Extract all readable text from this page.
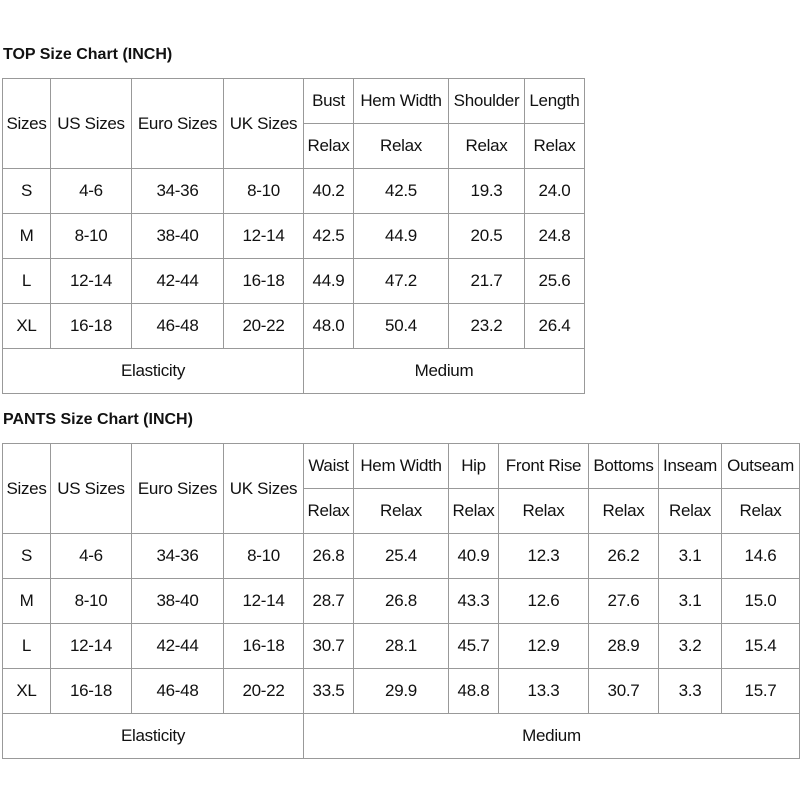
TOP Size Chart (INCH)
Sizes	US Sizes	Euro Sizes	UK Sizes	Bust	Hem Width	Shoulder	Length
				Relax	Relax	Relax	Relax
S	4-6	34-36	8-10	40.2	42.5	19.3	24.0
M	8-10	38-40	12-14	42.5	44.9	20.5	24.8
L	12-14	42-44	16-18	44.9	47.2	21.7	25.6
XL	16-18	46-48	20-22	48.0	50.4	23.2	26.4
Elasticity				Medium			
PANTS Size Chart (INCH)
Sizes	US Sizes	Euro Sizes	UK Sizes	Waist	Hem Width	Hip	Front Rise	Bottoms	Inseam	Outseam
				Relax	Relax	Relax	Relax	Relax	Relax	Relax
S	4-6	34-36	8-10	26.8	25.4	40.9	12.3	26.2	3.1	14.6
M	8-10	38-40	12-14	28.7	26.8	43.3	12.6	27.6	3.1	15.0
L	12-14	42-44	16-18	30.7	28.1	45.7	12.9	28.9	3.2	15.4
XL	16-18	46-48	20-22	33.5	29.9	48.8	13.3	30.7	3.3	15.7
Elasticity				Medium						
